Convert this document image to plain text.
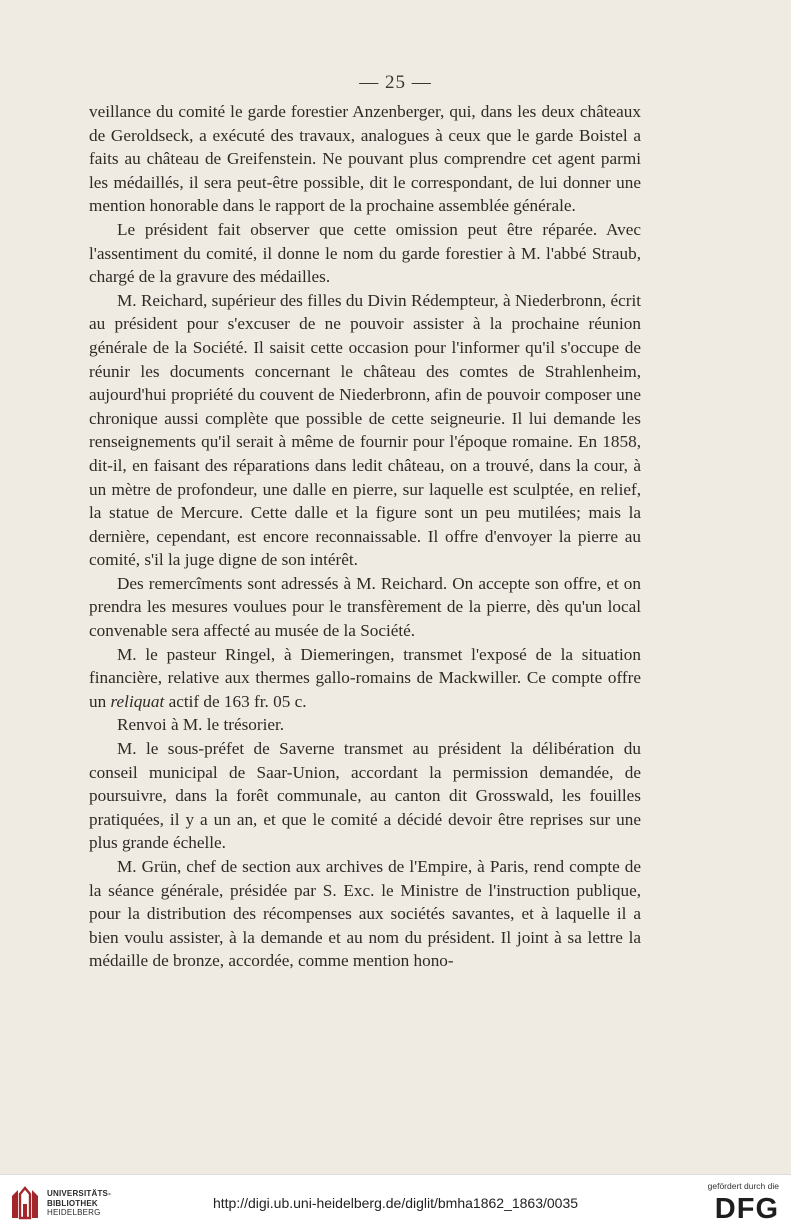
— 25 —

veillance du comité le garde forestier Anzenberger, qui, dans les deux châteaux de Geroldseck, a exécuté des travaux, analogues à ceux que le garde Boistel a faits au château de Greifenstein. Ne pouvant plus comprendre cet agent parmi les médaillés, il sera peut-être possible, dit le correspondant, de lui donner une mention honorable dans le rapport de la prochaine assemblée générale.

Le président fait observer que cette omission peut être réparée. Avec l'assentiment du comité, il donne le nom du garde forestier à M. l'abbé Straub, chargé de la gravure des médailles.

M. Reichard, supérieur des filles du Divin Rédempteur, à Niederbronn, écrit au président pour s'excuser de ne pouvoir assister à la prochaine réunion générale de la Société. Il saisit cette occasion pour l'informer qu'il s'occupe de réunir les documents concernant le château des comtes de Strahlenheim, aujourd'hui propriété du couvent de Niederbronn, afin de pouvoir composer une chronique aussi complète que possible de cette seigneurie. Il lui demande les renseignements qu'il serait à même de fournir pour l'époque romaine. En 1858, dit-il, en faisant des réparations dans ledit château, on a trouvé, dans la cour, à un mètre de profondeur, une dalle en pierre, sur laquelle est sculptée, en relief, la statue de Mercure. Cette dalle et la figure sont un peu mutilées; mais la dernière, cependant, est encore reconnaissable. Il offre d'envoyer la pierre au comité, s'il la juge digne de son intérêt.

Des remercîments sont adressés à M. Reichard. On accepte son offre, et on prendra les mesures voulues pour le transfèrement de la pierre, dès qu'un local convenable sera affecté au musée de la Société.

M. le pasteur Ringel, à Diemeringen, transmet l'exposé de la situation financière, relative aux thermes gallo-romains de Mackwiller. Ce compte offre un reliquat actif de 163 fr. 05 c.

Renvoi à M. le trésorier.

M. le sous-préfet de Saverne transmet au président la délibération du conseil municipal de Saar-Union, accordant la permission demandée, de poursuivre, dans la forêt communale, au canton dit Grosswald, les fouilles pratiquées, il y a un an, et que le comité a décidé devoir être reprises sur une plus grande échelle.

M. Grün, chef de section aux archives de l'Empire, à Paris, rend compte de la séance générale, présidée par S. Exc. le Ministre de l'instruction publique, pour la distribution des récompenses aux sociétés savantes, et à laquelle il a bien voulu assister, à la demande et au nom du président. Il joint à sa lettre la médaille de bronze, accordée, comme mention hono-

UNIVERSITÄTS-
BIBLIOTHEK
HEIDELBERG
http://digi.ub.uni-heidelberg.de/diglit/bmha1862_1863/0035
gefördert durch die
DFG
